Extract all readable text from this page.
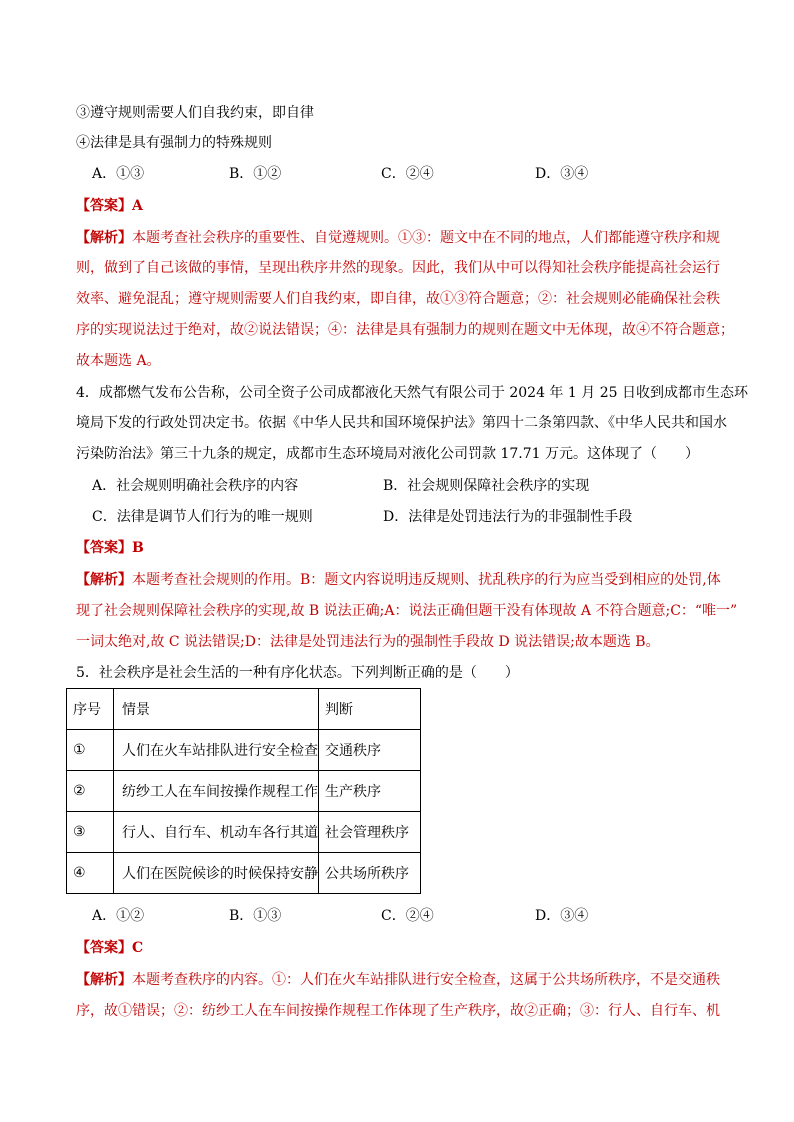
③遵守规则需要人们自我约束，即自律
④法律是具有强制力的特殊规则
A．①③	B．①②	C．②④	D．③④
【答案】A
【解析】本题考查社会秩序的重要性、自觉遵规则。①③：题文中在不同的地点，人们都能遵守秩序和规
则，做到了自己该做的事情，呈现出秩序井然的现象。因此，我们从中可以得知社会秩序能提高社会运行
效率、避免混乱；遵守规则需要人们自我约束，即自律，故①③符合题意；②：社会规则必能确保社会秩
序的实现说法过于绝对，故②说法错误；④：法律是具有强制力的规则在题文中无体现，故④不符合题意；
故本题选 A。
4．成都燃气发布公告称，公司全资子公司成都液化天然气有限公司于 2024 年 1 月 25 日收到成都市生态环
境局下发的行政处罚决定书。依据《中华人民共和国环境保护法》第四十二条第四款、《中华人民共和国水
污染防治法》第三十九条的规定，成都市生态环境局对液化公司罚款 17.71 万元。这体现了（　　）
A．社会规则明确社会秩序的内容	B．社会规则保障社会秩序的实现
C．法律是调节人们行为的唯一规则	D．法律是处罚违法行为的非强制性手段
【答案】B
【解析】本题考查社会规则的作用。B：题文内容说明违反规则、扰乱秩序的行为应当受到相应的处罚,体
现了社会规则保障社会秩序的实现,故 B 说法正确;A：说法正确但题干没有体现故 A 不符合题意;C：“唯一”
一词太绝对,故 C 说法错误;D：法律是处罚违法行为的强制性手段故 D 说法错误;故本题选 B。
5．社会秩序是社会生活的一种有序化状态。下列判断正确的是（　　）
序号	情景	判断
①	人们在火车站排队进行安全检查	交通秩序
②	纺纱工人在车间按操作规程工作	生产秩序
③	行人、自行车、机动车各行其道	社会管理秩序
④	人们在医院候诊的时候保持安静	公共场所秩序
A．①②	B．①③	C．②④	D．③④
【答案】C
【解析】本题考查秩序的内容。①：人们在火车站排队进行安全检查，这属于公共场所秩序，不是交通秩
序，故①错误；②：纺纱工人在车间按操作规程工作体现了生产秩序，故②正确；③：行人、自行车、机
